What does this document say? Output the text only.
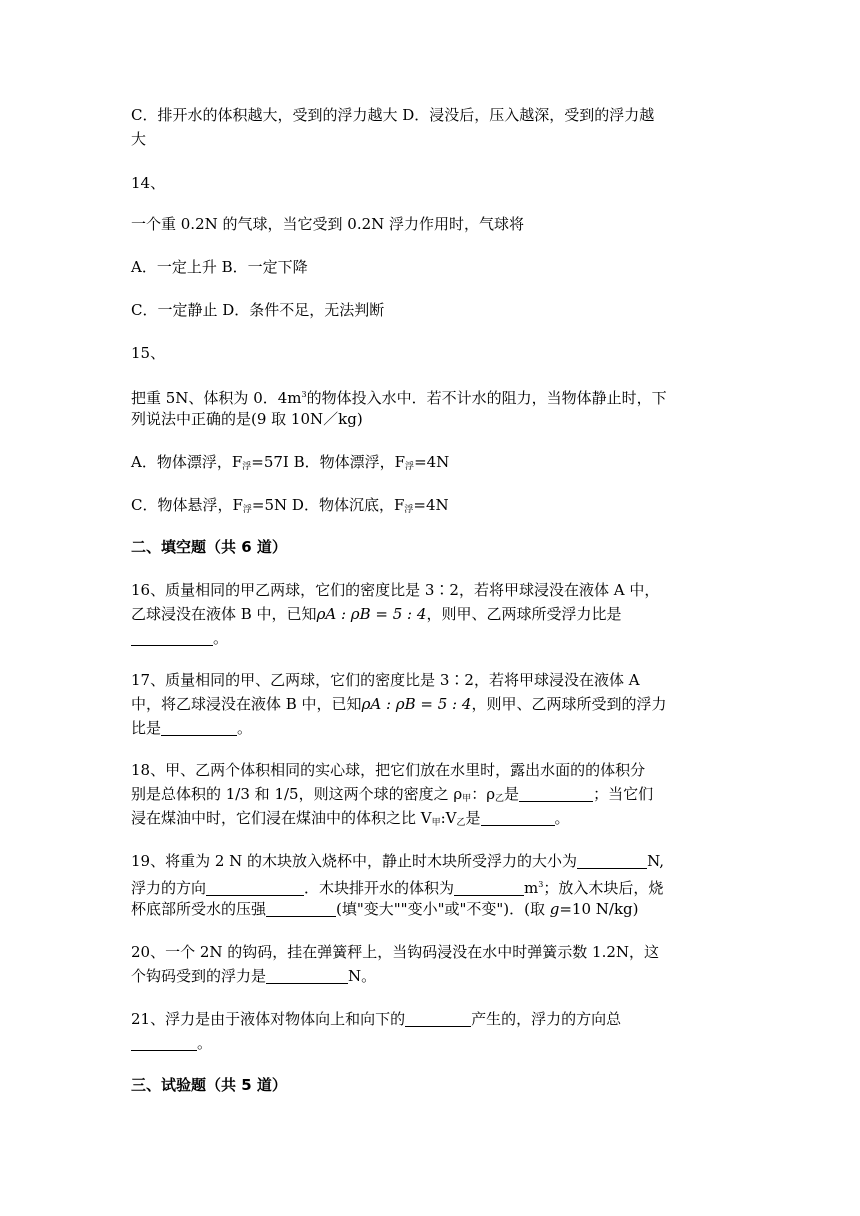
C．排开水的体积越大，受到的浮力越大 D．浸没后，压入越深，受到的浮力越
大
14、
一个重 0.2N 的气球，当它受到 0.2N 浮力作用时，气球将
A．一定上升 B．一定下降
C．一定静止 D．条件不足，无法判断
15、
把重 5N、体积为 0．$4m^3$的物体投入水中．若不计水的阻力，当物体静止时，下
列说法中正确的是(9 取 10N／kg)
A．物体漂浮，$F_浮=57I$ B．物体漂浮，$F_浮=4N$
C．物体悬浮，$F_浮=5N$ D．物体沉底，$F_浮=4N$
二、填空题（共 6 道）
16、质量相同的甲乙两球，它们的密度比是 3∶2，若将甲球浸没在液体 A 中，
乙球浸没在液体 B 中，已知ρA : ρB = 5 : 4，则甲、乙两球所受浮力比是
。
17、质量相同的甲、乙两球，它们的密度比是 3∶2，若将甲球浸没在液体 A
中，将乙球浸没在液体 B 中，已知ρA : ρB = 5 : 4，则甲、乙两球所受到的浮力
比是	。
18、甲、乙两个体积相同的实心球，把它们放在水里时，露出水面的的体积分
别是总体积的 1/3 和 1/5，则这两个球的密度之 $\rho_甲$：$\rho_乙$是	；当它们
浸在煤油中时，它们浸在煤油中的体积之比 $V_甲:V_乙$是	。
19、将重为 2 N 的木块放入烧杯中，静止时木块所受浮力的大小为	N,
浮力的方向	．木块排开水的体积为	$m^3$；放入木块后，烧
杯底部所受水的压强	(填"变大""变小"或"不变")．(取 g=10 N/kg)
20、一个 2N 的钩码，挂在弹簧秤上，当钩码浸没在水中时弹簧示数 1.2N，这
个钩码受到的浮力是	N。
21、浮力是由于液体对物体向上和向下的	产生的，浮力的方向总
。
三、试验题（共 5 道）
